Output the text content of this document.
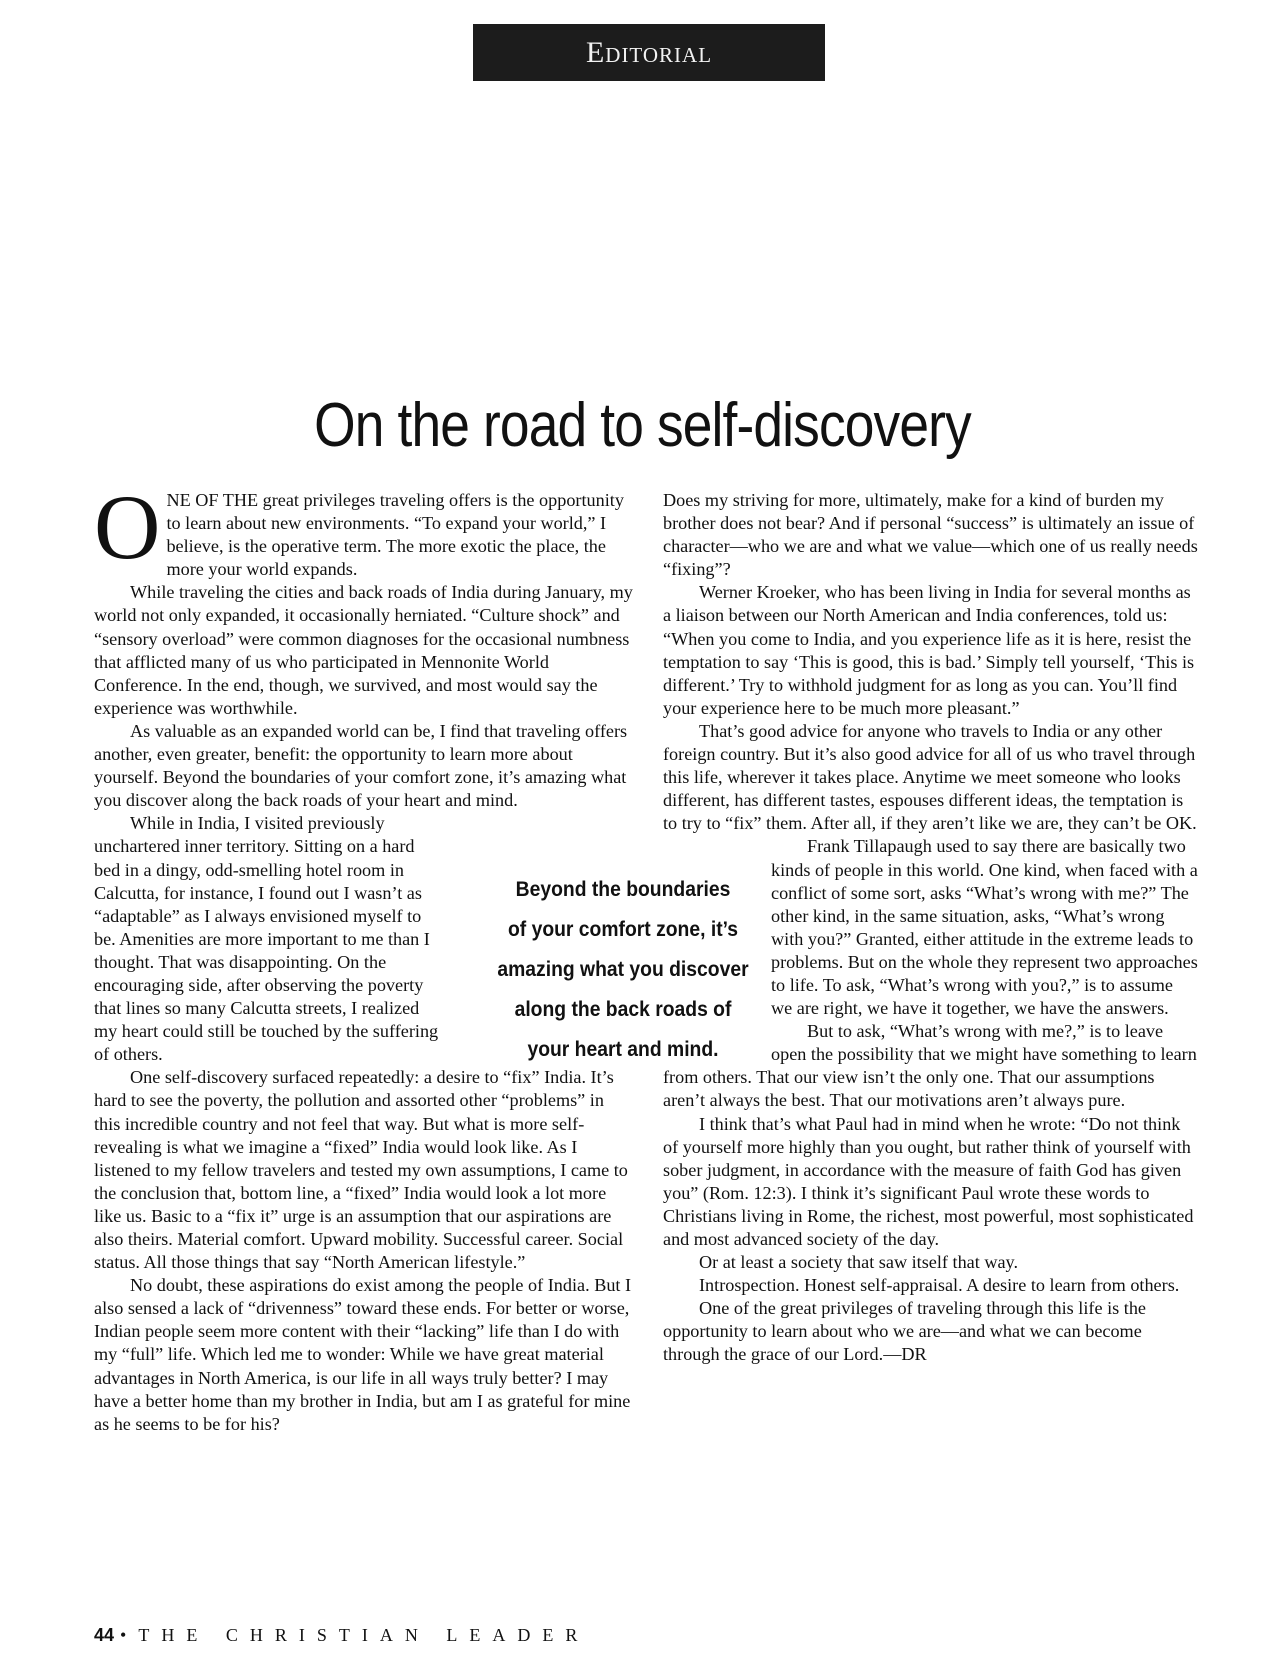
Editorial
On the road to self-discovery

ONE OF THE great privileges traveling offers is the opportunity to learn about new environments. “To expand your world,” I believe, is the operative term. The more exotic the place, the more your world expands.

While traveling the cities and back roads of India during January, my world not only expanded, it occasionally herniated. “Culture shock” and “sensory overload” were common diagnoses for the occasional numbness that afflicted many of us who participated in Mennonite World Conference. In the end, though, we survived, and most would say the experience was worthwhile.

As valuable as an expanded world can be, I find that traveling offers another, even greater, benefit: the opportunity to learn more about yourself. Beyond the boundaries of your comfort zone, it’s amazing what you discover along the back roads of your heart and mind.

While in India, I visited previously unchartered inner territory. Sitting on a hard bed in a dingy, odd-smelling hotel room in Calcutta, for instance, I found out I wasn’t as “adaptable” as I always envisioned myself to be. Amenities are more important to me than I thought. That was disappointing. On the encouraging side, after observing the poverty that lines so many Calcutta streets, I realized my heart could still be touched by the suffering of others.

One self-discovery surfaced repeatedly: a desire to “fix” India. It’s hard to see the poverty, the pollution and assorted other “problems” in this incredible country and not feel that way. But what is more self-revealing is what we imagine a “fixed” India would look like. As I listened to my fellow travelers and tested my own assumptions, I came to the conclusion that, bottom line, a “fixed” India would look a lot more like us. Basic to a “fix it” urge is an assumption that our aspirations are also theirs. Material comfort. Upward mobility. Successful career. Social status. All those things that say “North American lifestyle.”

No doubt, these aspirations do exist among the people of India. But I also sensed a lack of “drivenness” toward these ends. For better or worse, Indian people seem more content with their “lacking” life than I do with my “full” life. Which led me to wonder: While we have great material advantages in North America, is our life in all ways truly better? I may have a better home than my brother in India, but am I as grateful for mine as he seems to be for his?

Does my striving for more, ultimately, make for a kind of burden my brother does not bear? And if personal “success” is ultimately an issue of character—who we are and what we value—which one of us really needs “fixing”?

Werner Kroeker, who has been living in India for several months as a liaison between our North American and India conferences, told us: “When you come to India, and you experience life as it is here, resist the temptation to say ‘This is good, this is bad.’ Simply tell yourself, ‘This is different.’ Try to withhold judgment for as long as you can. You’ll find your experience here to be much more pleasant.”

That’s good advice for anyone who travels to India or any other foreign country. But it’s also good advice for all of us who travel through this life, wherever it takes place. Anytime we meet someone who looks different, has different tastes, espouses different ideas, the temptation is to try to “fix” them. After all, if they aren’t like we are, they can’t be OK.

Frank Tillapaugh used to say there are basically two kinds of people in this world. One kind, when faced with a conflict of some sort, asks “What’s wrong with me?” The other kind, in the same situation, asks, “What’s wrong with you?” Granted, either attitude in the extreme leads to problems. But on the whole they represent two approaches to life. To ask, “What’s wrong with you?,” is to assume we are right, we have it together, we have the answers.

But to ask, “What’s wrong with me?,” is to leave open the possibility that we might have something to learn from others. That our view isn’t the only one. That our assumptions aren’t always the best. That our motivations aren’t always pure.

I think that’s what Paul had in mind when he wrote: “Do not think of yourself more highly than you ought, but rather think of yourself with sober judgment, in accordance with the measure of faith God has given you” (Rom. 12:3). I think it’s significant Paul wrote these words to Christians living in Rome, the richest, most powerful, most sophisticated and most advanced society of the day.

Or at least a society that saw itself that way.

Introspection. Honest self-appraisal. A desire to learn from others.

One of the great privileges of traveling through this life is the opportunity to learn about who we are—and what we can become through the grace of our Lord.—DR

Beyond the boundaries
of your comfort zone, it’s
amazing what you discover
along the back roads of
your heart and mind.
44 • THE CHRISTIAN LEADER
